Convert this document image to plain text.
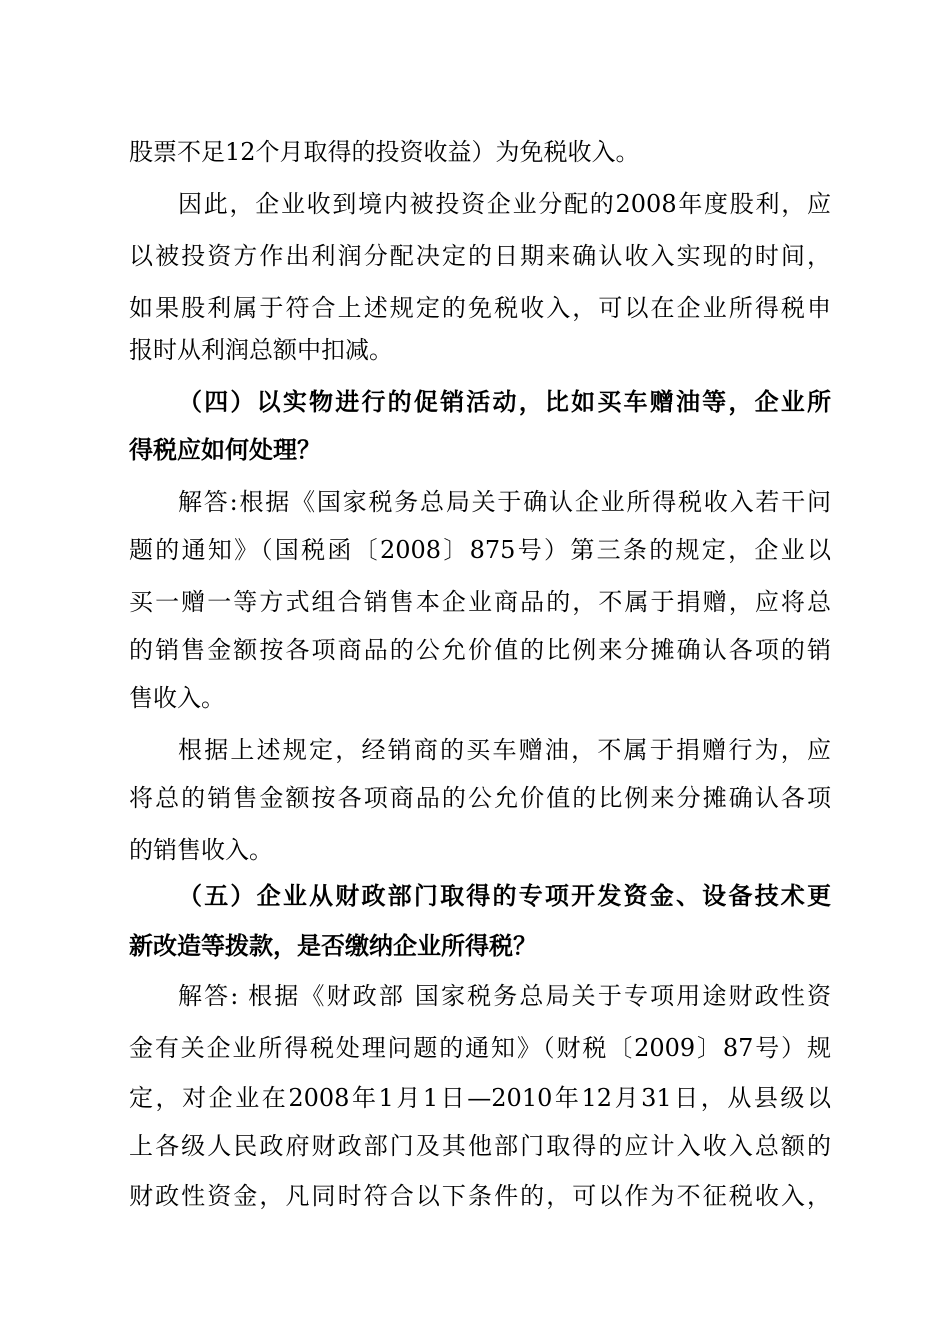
股票不足12个月取得的投资收益）为免税收入。
因此，企业收到境内被投资企业分配的2008年度股利，应
以被投资方作出利润分配决定的日期来确认收入实现的时间，
如果股利属于符合上述规定的免税收入，可以在企业所得税申
报时从利润总额中扣减。
（四）以实物进行的促销活动，比如买车赠油等，企业所
得税应如何处理？
解答:根据《国家税务总局关于确认企业所得税收入若干问
题的通知》（国税函〔2008〕875号）第三条的规定，企业以
买一赠一等方式组合销售本企业商品的，不属于捐赠，应将总
的销售金额按各项商品的公允价值的比例来分摊确认各项的销
售收入。
根据上述规定，经销商的买车赠油，不属于捐赠行为，应
将总的销售金额按各项商品的公允价值的比例来分摊确认各项
的销售收入。
（五）企业从财政部门取得的专项开发资金、设备技术更
新改造等拨款，是否缴纳企业所得税？
解答: 根据《财政部 国家税务总局关于专项用途财政性资
金有关企业所得税处理问题的通知》（财税〔2009〕87号）规
定，对企业在2008年1月1日—2010年12月31日，从县级以
上各级人民政府财政部门及其他部门取得的应计入收入总额的
财政性资金，凡同时符合以下条件的，可以作为不征税收入，
